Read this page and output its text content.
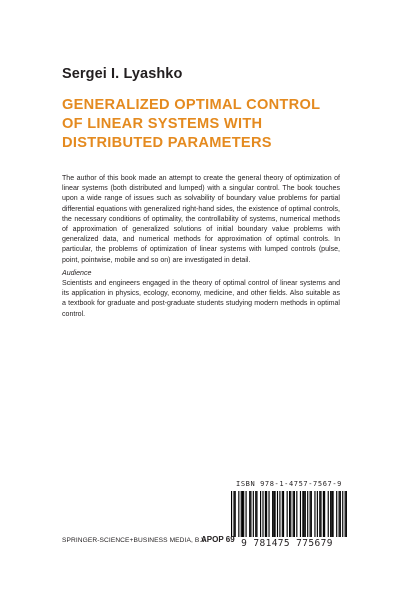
Sergei I. Lyashko
GENERALIZED OPTIMAL CONTROL
OF LINEAR SYSTEMS WITH
DISTRIBUTED PARAMETERS
The author of this book made an attempt to create the general theory of optimization of linear systems (both distributed and lumped) with a singular control. The book touches upon a wide range of issues such as solvability of boundary value problems for partial differential equations with generalized right-hand sides, the existence of optimal controls, the necessary conditions of optimality, the controllability of systems, numerical methods of approximation of generalized solutions of initial boundary value problems with generalized data, and numerical methods for approximation of optimal controls. In particular, the problems of optimization of linear systems with lumped controls (pulse, point, pointwise, mobile and so on) are investigated in detail.
Audience
Scientists and engineers engaged in the theory of optimal control of linear systems and its application in physics, ecology, economy, medicine, and other fields. Also suitable as a textbook for graduate and post-graduate students studying modern methods in optimal control.
ISBN 978-1-4757-7567-9
9 781475 775679
SPRINGER-SCIENCE+BUSINESS MEDIA, B.V.
APOP 69
